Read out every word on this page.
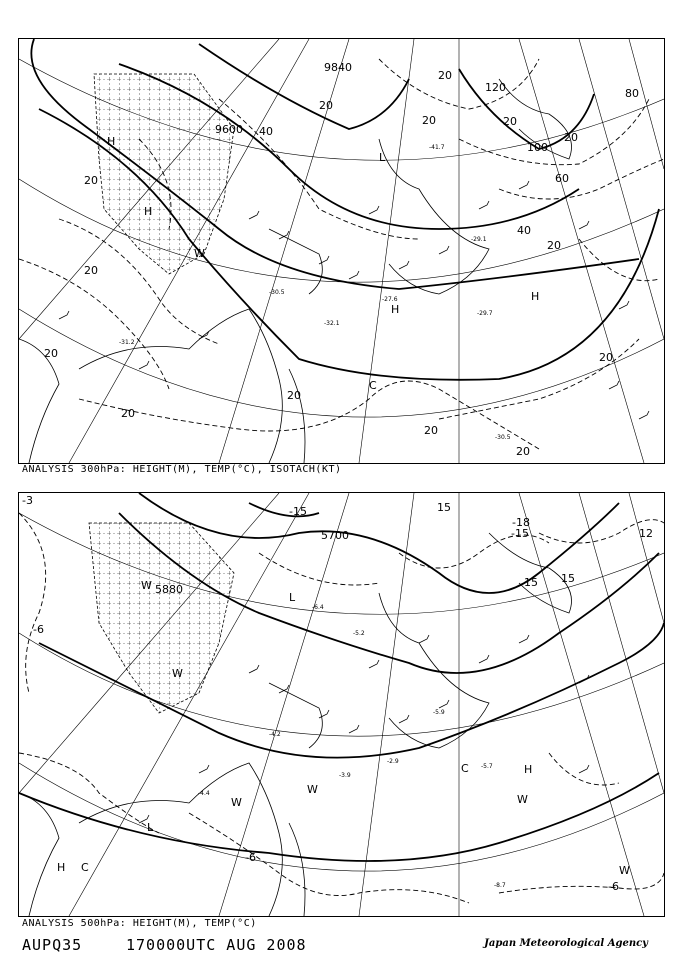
20
20
20
20
20
20
20
20
20
20
20
20
20
80
40
20
40
60
100
120
9600
9840
H
H
H
H
C
L
W
-29.7
-30.5
-41.7
-27.6
-32.1
-31.2
-30.5
-29.1
ANALYSIS 300hPa: HEIGHT(M), TEMP(°C), ISOTACH(KT)
5700
5880
-3
-6
-6
-6
-15	15
-15
-18
15
15
12
W
W
W
W
W
W
C
C
L
L
H
H
-5.7
-8.7
-2.9
-3.9
-4.2
-4.4
-5.2
-5.9
-6.4
ANALYSIS 500hPa: HEIGHT(M), TEMP(°C)
AUPQ35	170000UTC AUG 2008	Japan Meteorological Agency
